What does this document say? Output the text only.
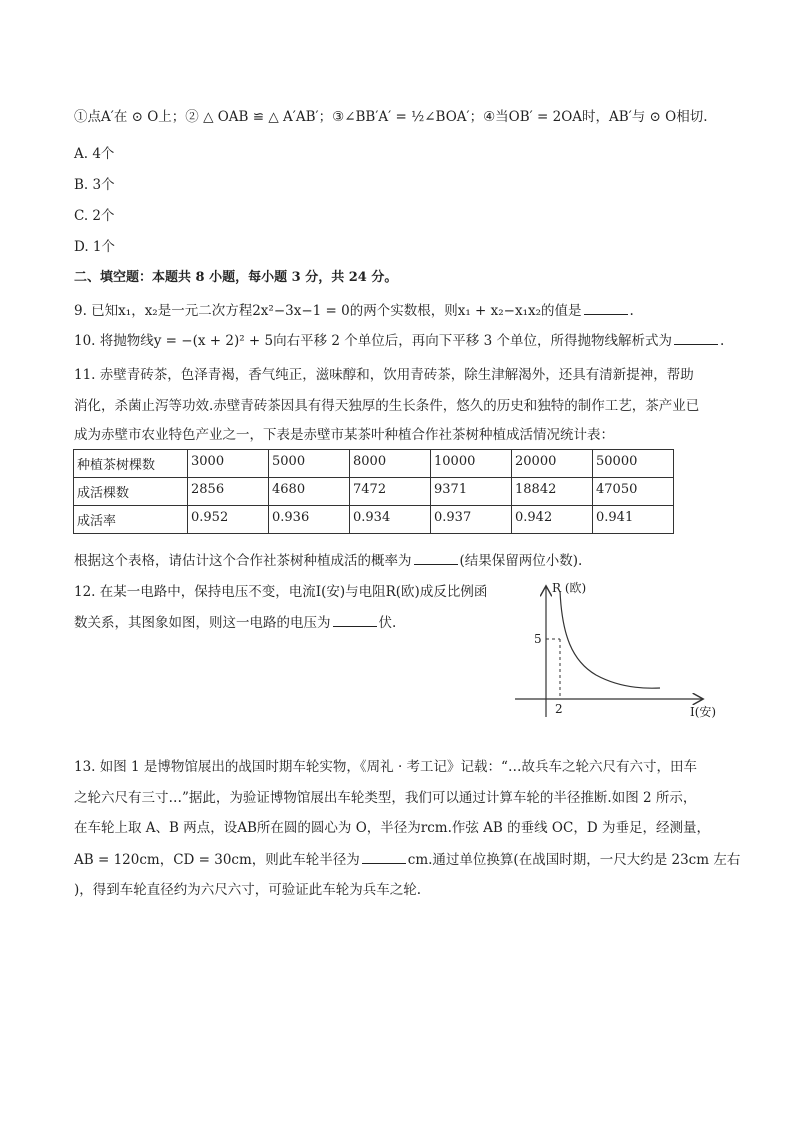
①点A′在 ⊙ O上；② △ OAB ≌ △ A′AB′；③∠BB′A′ = ½∠BOA′；④当OB′ = 2OA时，AB′与 ⊙ O相切.
A. 4个
B. 3个
C. 2个
D. 1个
二、填空题：本题共 8 小题，每小题 3 分，共 24 分。
9. 已知x₁，x₂是一元二次方程2x²−3x−1 = 0的两个实数根，则x₁ + x₂−x₁x₂的值是	.
10. 将抛物线y = −(x + 2)² + 5向右平移 2 个单位后，再向下平移 3 个单位，所得抛物线解析式为	.
11. 赤壁青砖茶，色泽青褐，香气纯正，滋味醇和，饮用青砖茶，除生津解渴外，还具有清新提神，帮助
消化，杀菌止泻等功效.赤壁青砖茶因具有得天独厚的生长条件，悠久的历史和独特的制作工艺，茶产业已
成为赤壁市农业特色产业之一，下表是赤壁市某茶叶种植合作社茶树种植成活情况统计表：
种植茶树棵数	3000	5000	8000	10000	20000	50000
成活棵数	2856	4680	7472	9371	18842	47050
成活率	0.952	0.936	0.934	0.937	0.942	0.941
根据这个表格，请估计这个合作社茶树种植成活的概率为	(结果保留两位小数).
12. 在某一电路中，保持电压不变，电流I(安)与电阻R(欧)成反比例函
数关系，其图象如图，则这一电路的电压为	伏.
R (欧)
I(安)
5
2
13. 如图 1 是博物馆展出的战国时期车轮实物，《周礼 · 考工记》记载：“…故兵车之轮六尺有六寸，田车
之轮六尺有三寸…”据此，为验证博物馆展出车轮类型，我们可以通过计算车轮的半径推断.如图 2 所示，
在车轮上取 A、B 两点，设AB所在圆的圆心为 O，半径为rcm.作弦 AB 的垂线 OC，D 为垂足，经测量，
AB = 120cm，CD = 30cm，则此车轮半径为	cm.通过单位换算(在战国时期，一尺大约是 23cm 左右
)，得到车轮直径约为六尺六寸，可验证此车轮为兵车之轮.
